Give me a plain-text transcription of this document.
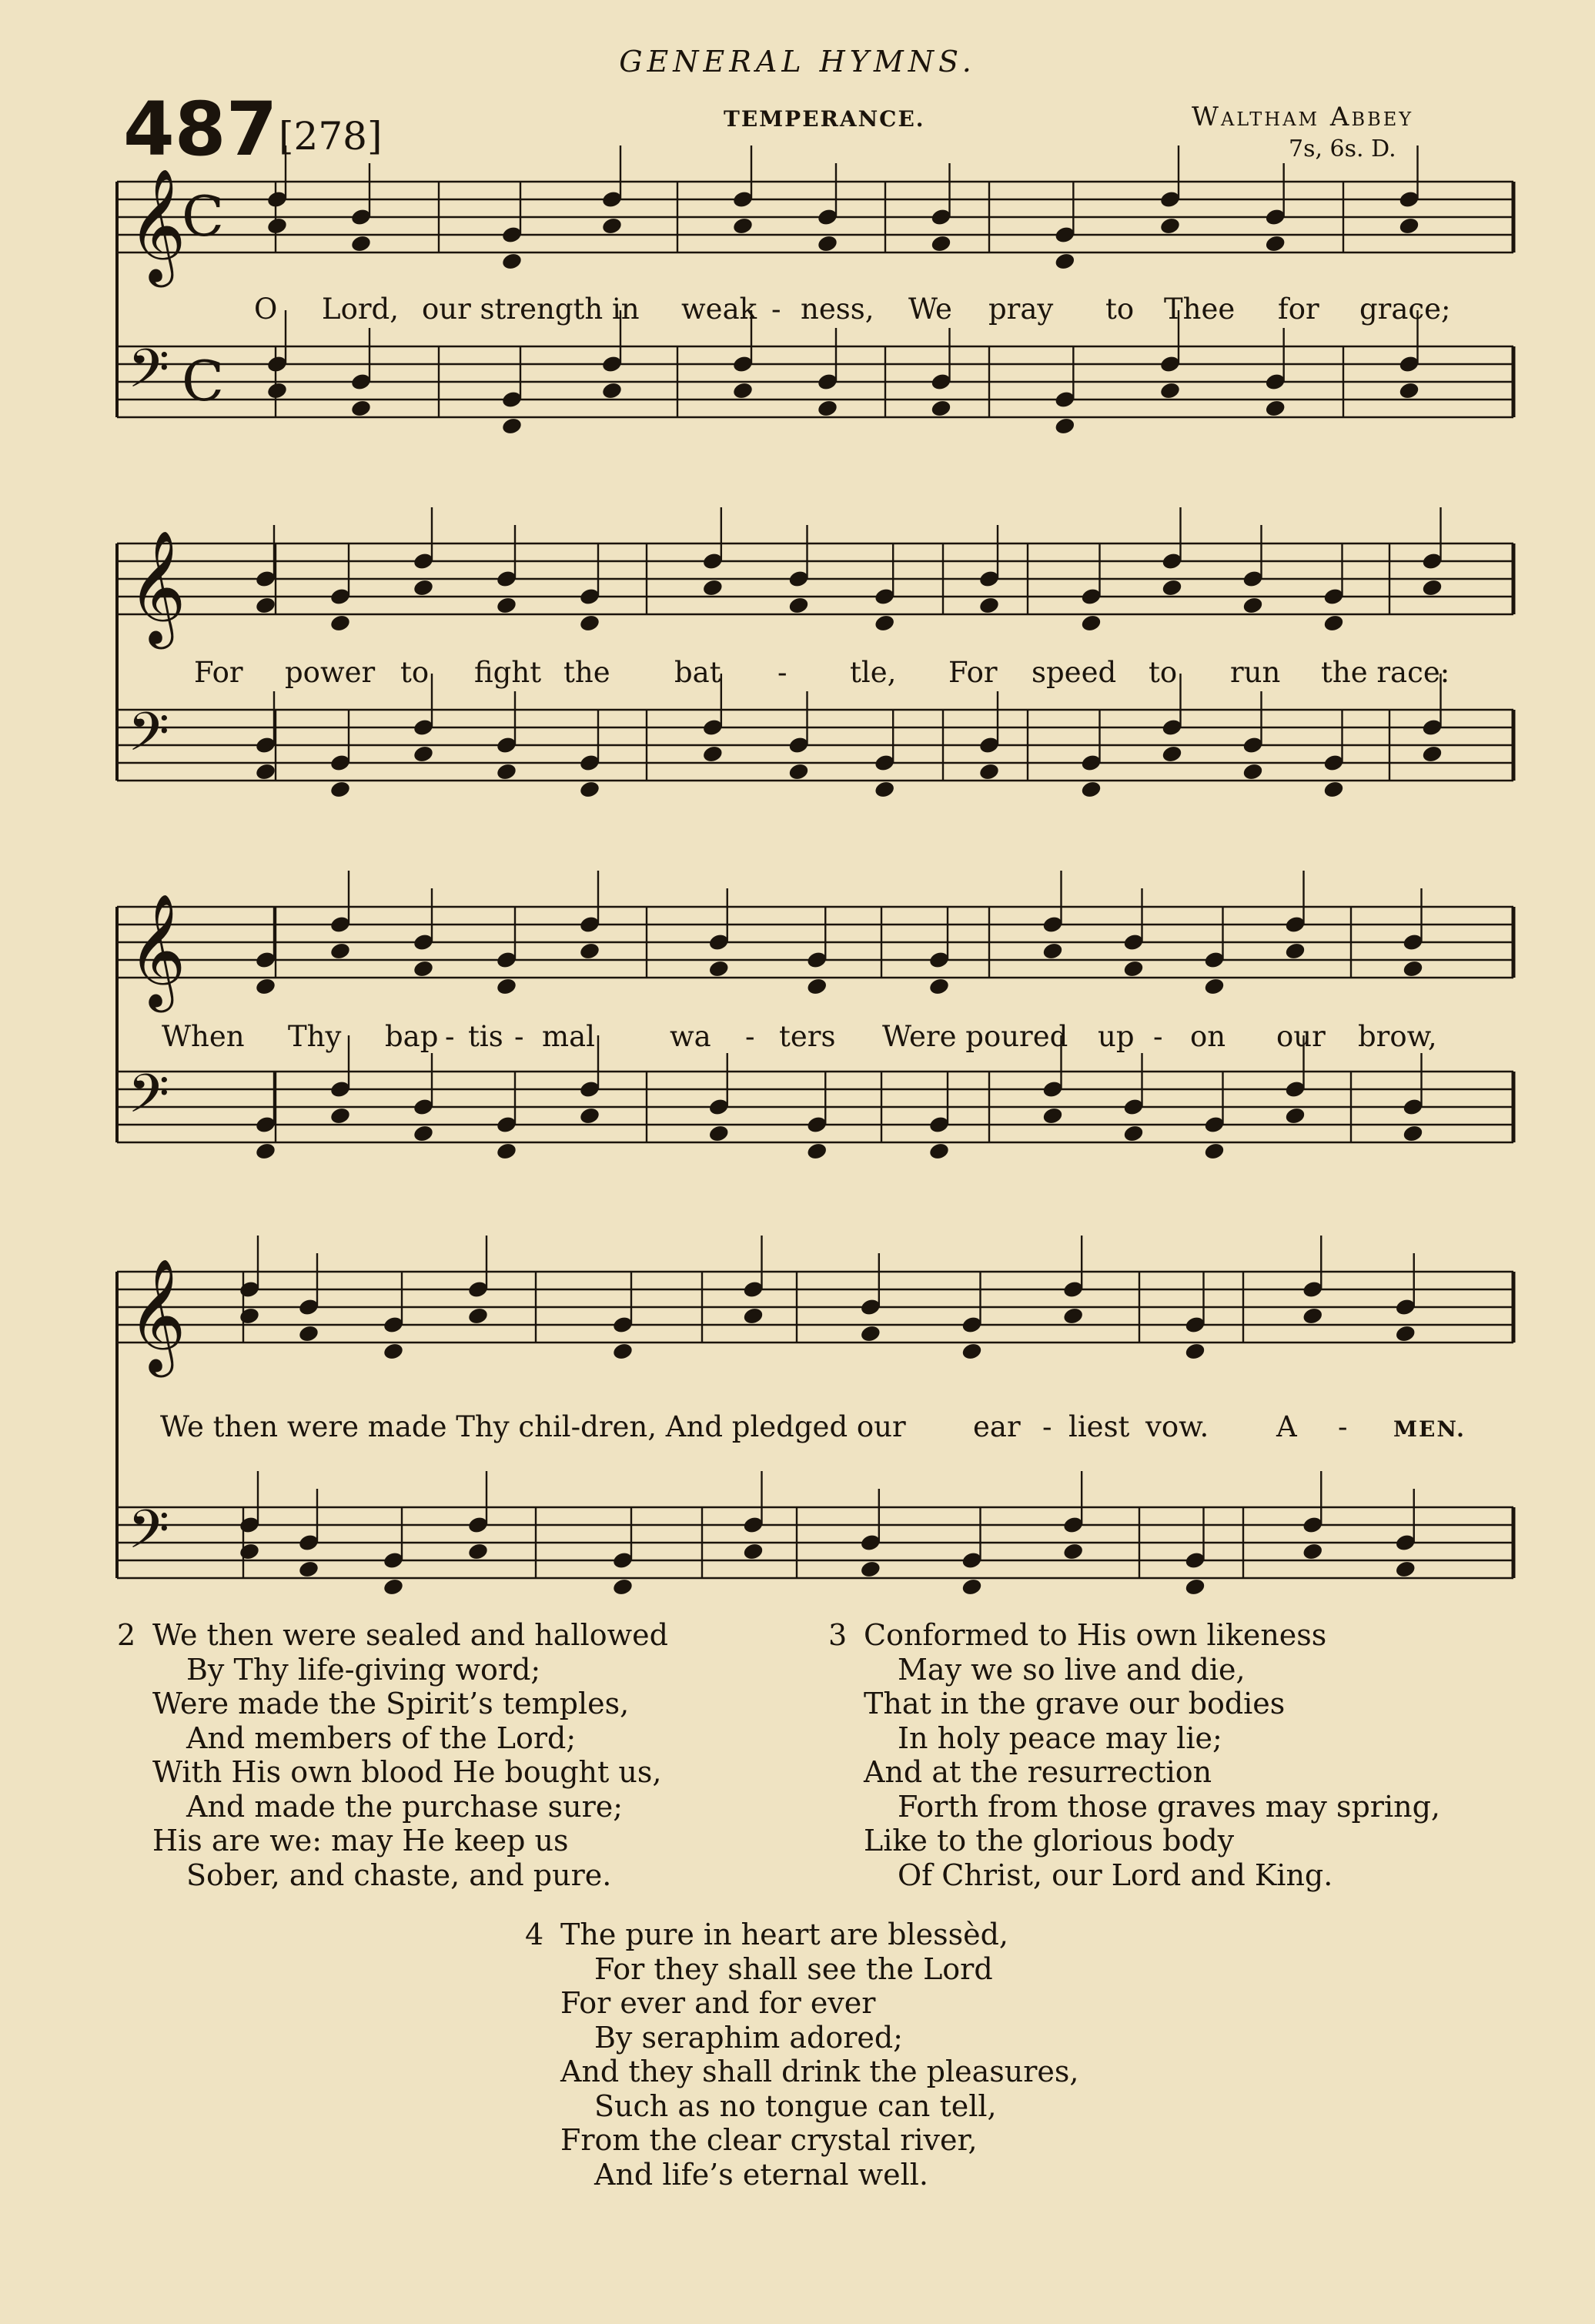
GENERAL HYMNS.
487 [278]	TEMPERANCE.	Waltham Abbey
7s, 6s. D.
𝄞
C
𝄢 C
𝄞
𝄢
𝄞
𝄢
𝄞
𝄢
O Lord, our strength in weak - ness, We pray to Thee for grace;
For power to fight the bat - tle, For speed to run the race:
When Thy bap - tis - mal	wa - ters Were poured up - on our brow,
We then were made Thy chil-dren, And pledged our ear - liest vow. A - MEN.
2 We then were sealed and hallowed
By Thy life-giving word;
Were made the Spirit’s temples,
And members of the Lord;
With His own blood He bought us,
And made the purchase sure;
His are we: may He keep us
Sober, and chaste, and pure.
3 Conformed to His own likeness
May we so live and die,
That in the grave our bodies
In holy peace may lie;
And at the resurrection
Forth from those graves may spring,
Like to the glorious body
Of Christ, our Lord and King.
4 The pure in heart are blessèd,
For they shall see the Lord
For ever and for ever
By seraphim adored;
And they shall drink the pleasures,
Such as no tongue can tell,
From the clear crystal river,
And life’s eternal well.
